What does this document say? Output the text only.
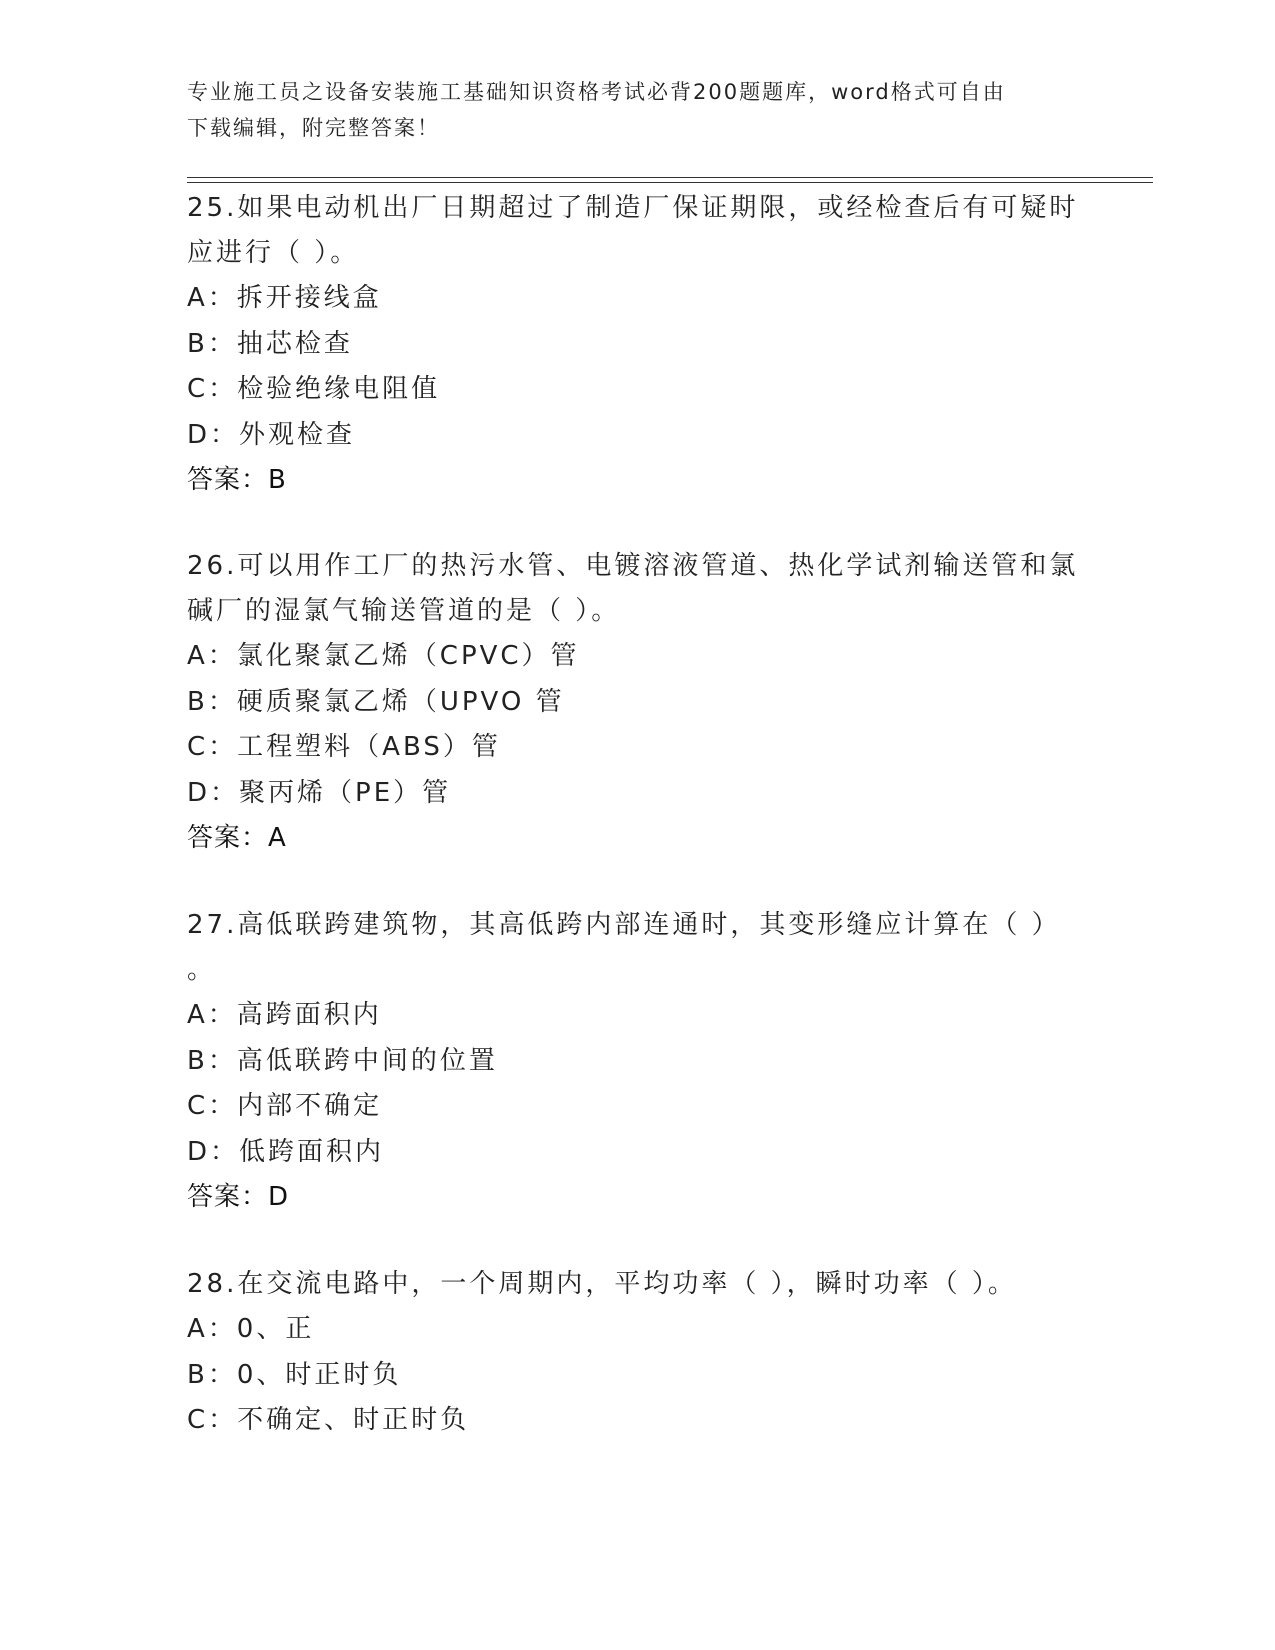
专业施工员之设备安装施工基础知识资格考试必背200题题库，word格式可自由
下载编辑，附完整答案！
25.如果电动机出厂日期超过了制造厂保证期限，或经检查后有可疑时
应进行（ ）。
A：拆开接线盒
B：抽芯检查
C：检验绝缘电阻值
D：外观检查
答案：B
26.可以用作工厂的热污水管、电镀溶液管道、热化学试剂输送管和氯
碱厂的湿氯气输送管道的是（ ）。
A：氯化聚氯乙烯（CPVC）管
B：硬质聚氯乙烯（UPVO 管
C：工程塑料（ABS）管
D：聚丙烯（PE）管
答案：A
27.高低联跨建筑物，其高低跨内部连通时，其变形缝应计算在（ ）
。
A：高跨面积内
B：高低联跨中间的位置
C：内部不确定
D：低跨面积内
答案：D
28.在交流电路中，一个周期内，平均功率（ ），瞬时功率（ ）。
A：0、正
B：0、时正时负
C：不确定、时正时负
